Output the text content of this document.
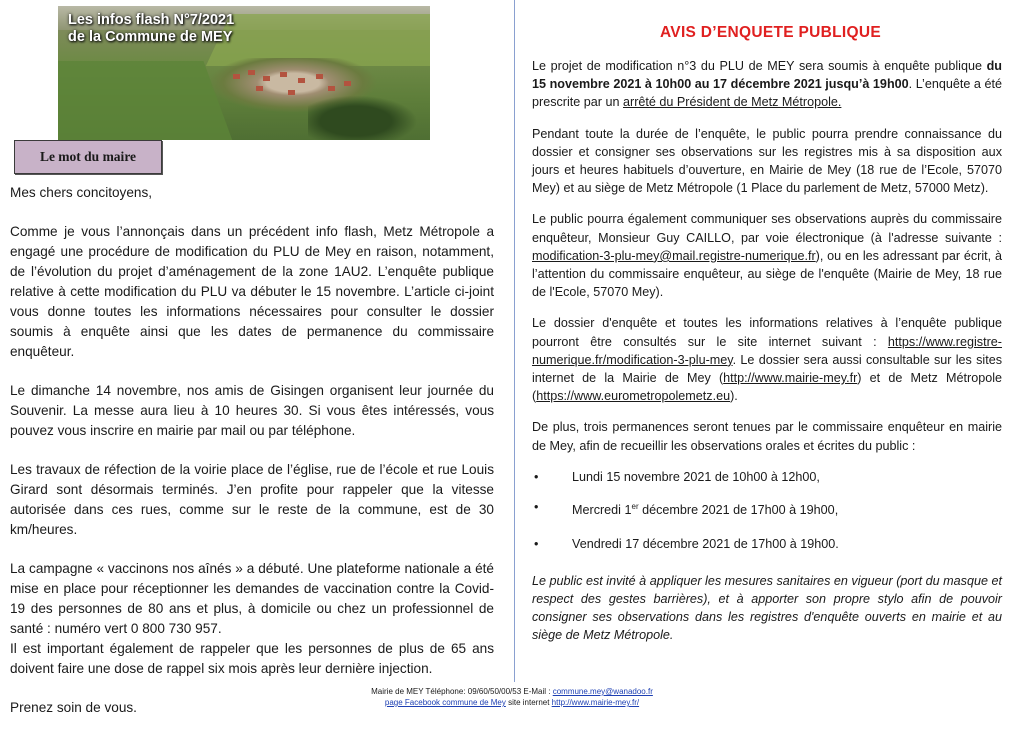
Les infos flash N°7/2021
de la Commune de MEY
Le mot du maire

Mes chers concitoyens,

Comme je vous l’annonçais dans un précédent info flash, Metz Métropole a engagé une procédure de modification du PLU de Mey en raison, notamment, de l’évolution du projet d’aménagement de la zone 1AU2. L’enquête publique relative à cette modification du PLU va débuter le 15 novembre. L’article ci-joint vous donne toutes les informations nécessaires pour consulter le dossier soumis à enquête ainsi que les dates de permanence du commissaire enquêteur.

Le dimanche 14 novembre, nos amis de Gisingen organisent leur journée du Souvenir. La messe aura lieu à 10 heures 30. Si vous êtes intéressés, vous pouvez vous inscrire en mairie par mail ou par téléphone.

Les travaux de réfection de la voirie place de l’église, rue de l’école et rue Louis Girard sont désormais terminés. J’en profite pour rappeler que la vitesse autorisée dans ces rues, comme sur le reste de la commune, est de 30 km/heures.

La campagne « vaccinons nos aînés » a débuté. Une plateforme nationale a été mise en place pour réceptionner les demandes de vaccination contre la Covid-19 des personnes de 80 ans et plus, à domicile ou chez un professionnel de santé : numéro vert 0 800 730 957.

Il est important également de rappeler que les personnes de plus de 65 ans doivent faire une dose de rappel six mois après leur dernière injection.

Prenez soin de vous.

AVIS D’ENQUETE PUBLIQUE

Le projet de modification n°3 du PLU de MEY sera soumis à enquête publique du 15 novembre 2021 à 10h00 au 17 décembre 2021 jusqu’à 19h00. L’enquête a été prescrite par un arrêté du Président de Metz Métropole.

Pendant toute la durée de l’enquête, le public pourra prendre connaissance du dossier et consigner ses observations sur les registres mis à sa disposition aux jours et heures habituels d’ouverture, en Mairie de Mey (18 rue de l’Ecole, 57070 Mey) et au siège de Metz Métropole (1 Place du parlement de Metz, 57000 Metz).

Le public pourra également communiquer ses observations auprès du commissaire enquêteur, Monsieur Guy CAILLO, par voie électronique (à l'adresse suivante : modification-3-plu-mey@mail.registre-numerique.fr), ou en les adressant par écrit, à l’attention du commissaire enquêteur, au siège de l'enquête (Mairie de Mey, 18 rue de l'Ecole, 57070 Mey).

Le dossier d'enquête et toutes les informations relatives à l’enquête publique pourront être consultés sur le site internet suivant : https://www.registre-numerique.fr/modification-3-plu-mey. Le dossier sera aussi consultable sur les sites internet de la Mairie de Mey (http://www.mairie-mey.fr) et de Metz Métropole (https://www.eurometropolemetz.eu).

De plus, trois permanences seront tenues par le commissaire enquêteur en mairie de Mey, afin de recueillir les observations orales et écrites du public :

• Lundi 15 novembre 2021 de 10h00 à 12h00,
• Mercredi 1er décembre 2021 de 17h00 à 19h00,
• Vendredi 17 décembre 2021 de 17h00 à 19h00.

Le public est invité à appliquer les mesures sanitaires en vigueur (port du masque et respect des gestes barrières), et à apporter son propre stylo afin de pouvoir consigner ses observations dans les registres d'enquête ouverts en mairie et au siège de Metz Métropole.

Mairie de MEY Téléphone: 09/60/50/00/53 E-Mail : commune.mey@wanadoo.fr
page Facebook commune de Mey site internet http://www.mairie-mey.fr/
